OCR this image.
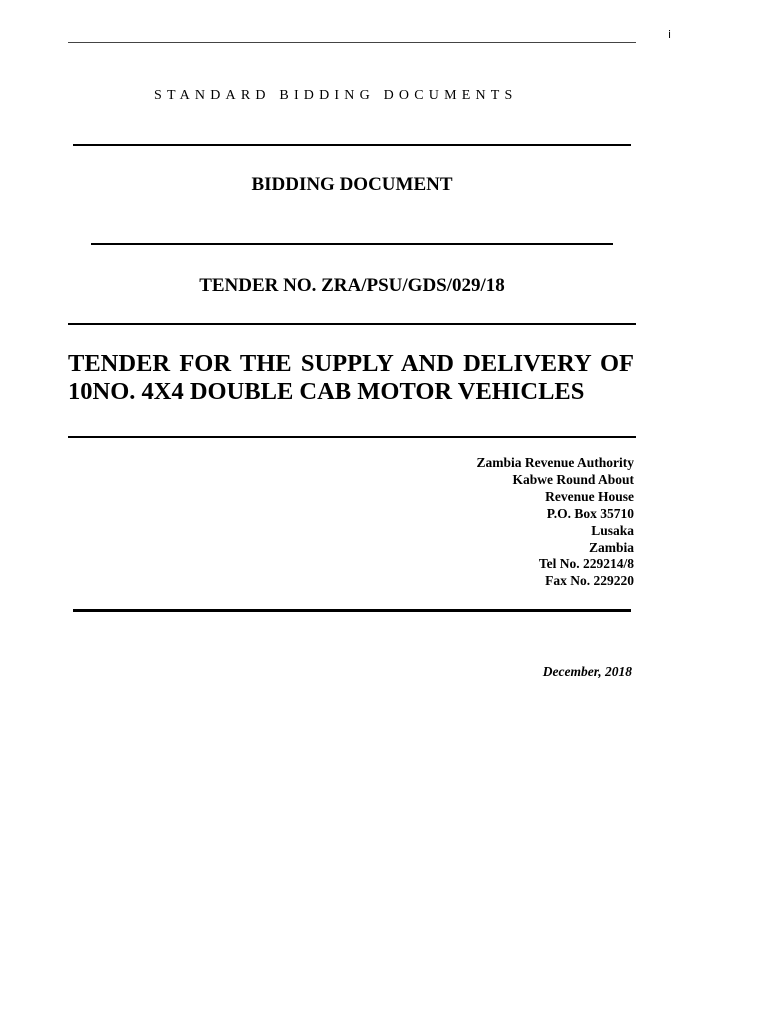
i
STANDARD BIDDING DOCUMENTS
BIDDING DOCUMENT
TENDER NO. ZRA/PSU/GDS/029/18
TENDER FOR THE SUPPLY AND DELIVERY OF 10NO. 4X4 DOUBLE CAB MOTOR VEHICLES
Zambia Revenue Authority
Kabwe Round About
Revenue House
P.O. Box 35710
Lusaka
Zambia
Tel No. 229214/8
Fax No. 229220
December, 2018
